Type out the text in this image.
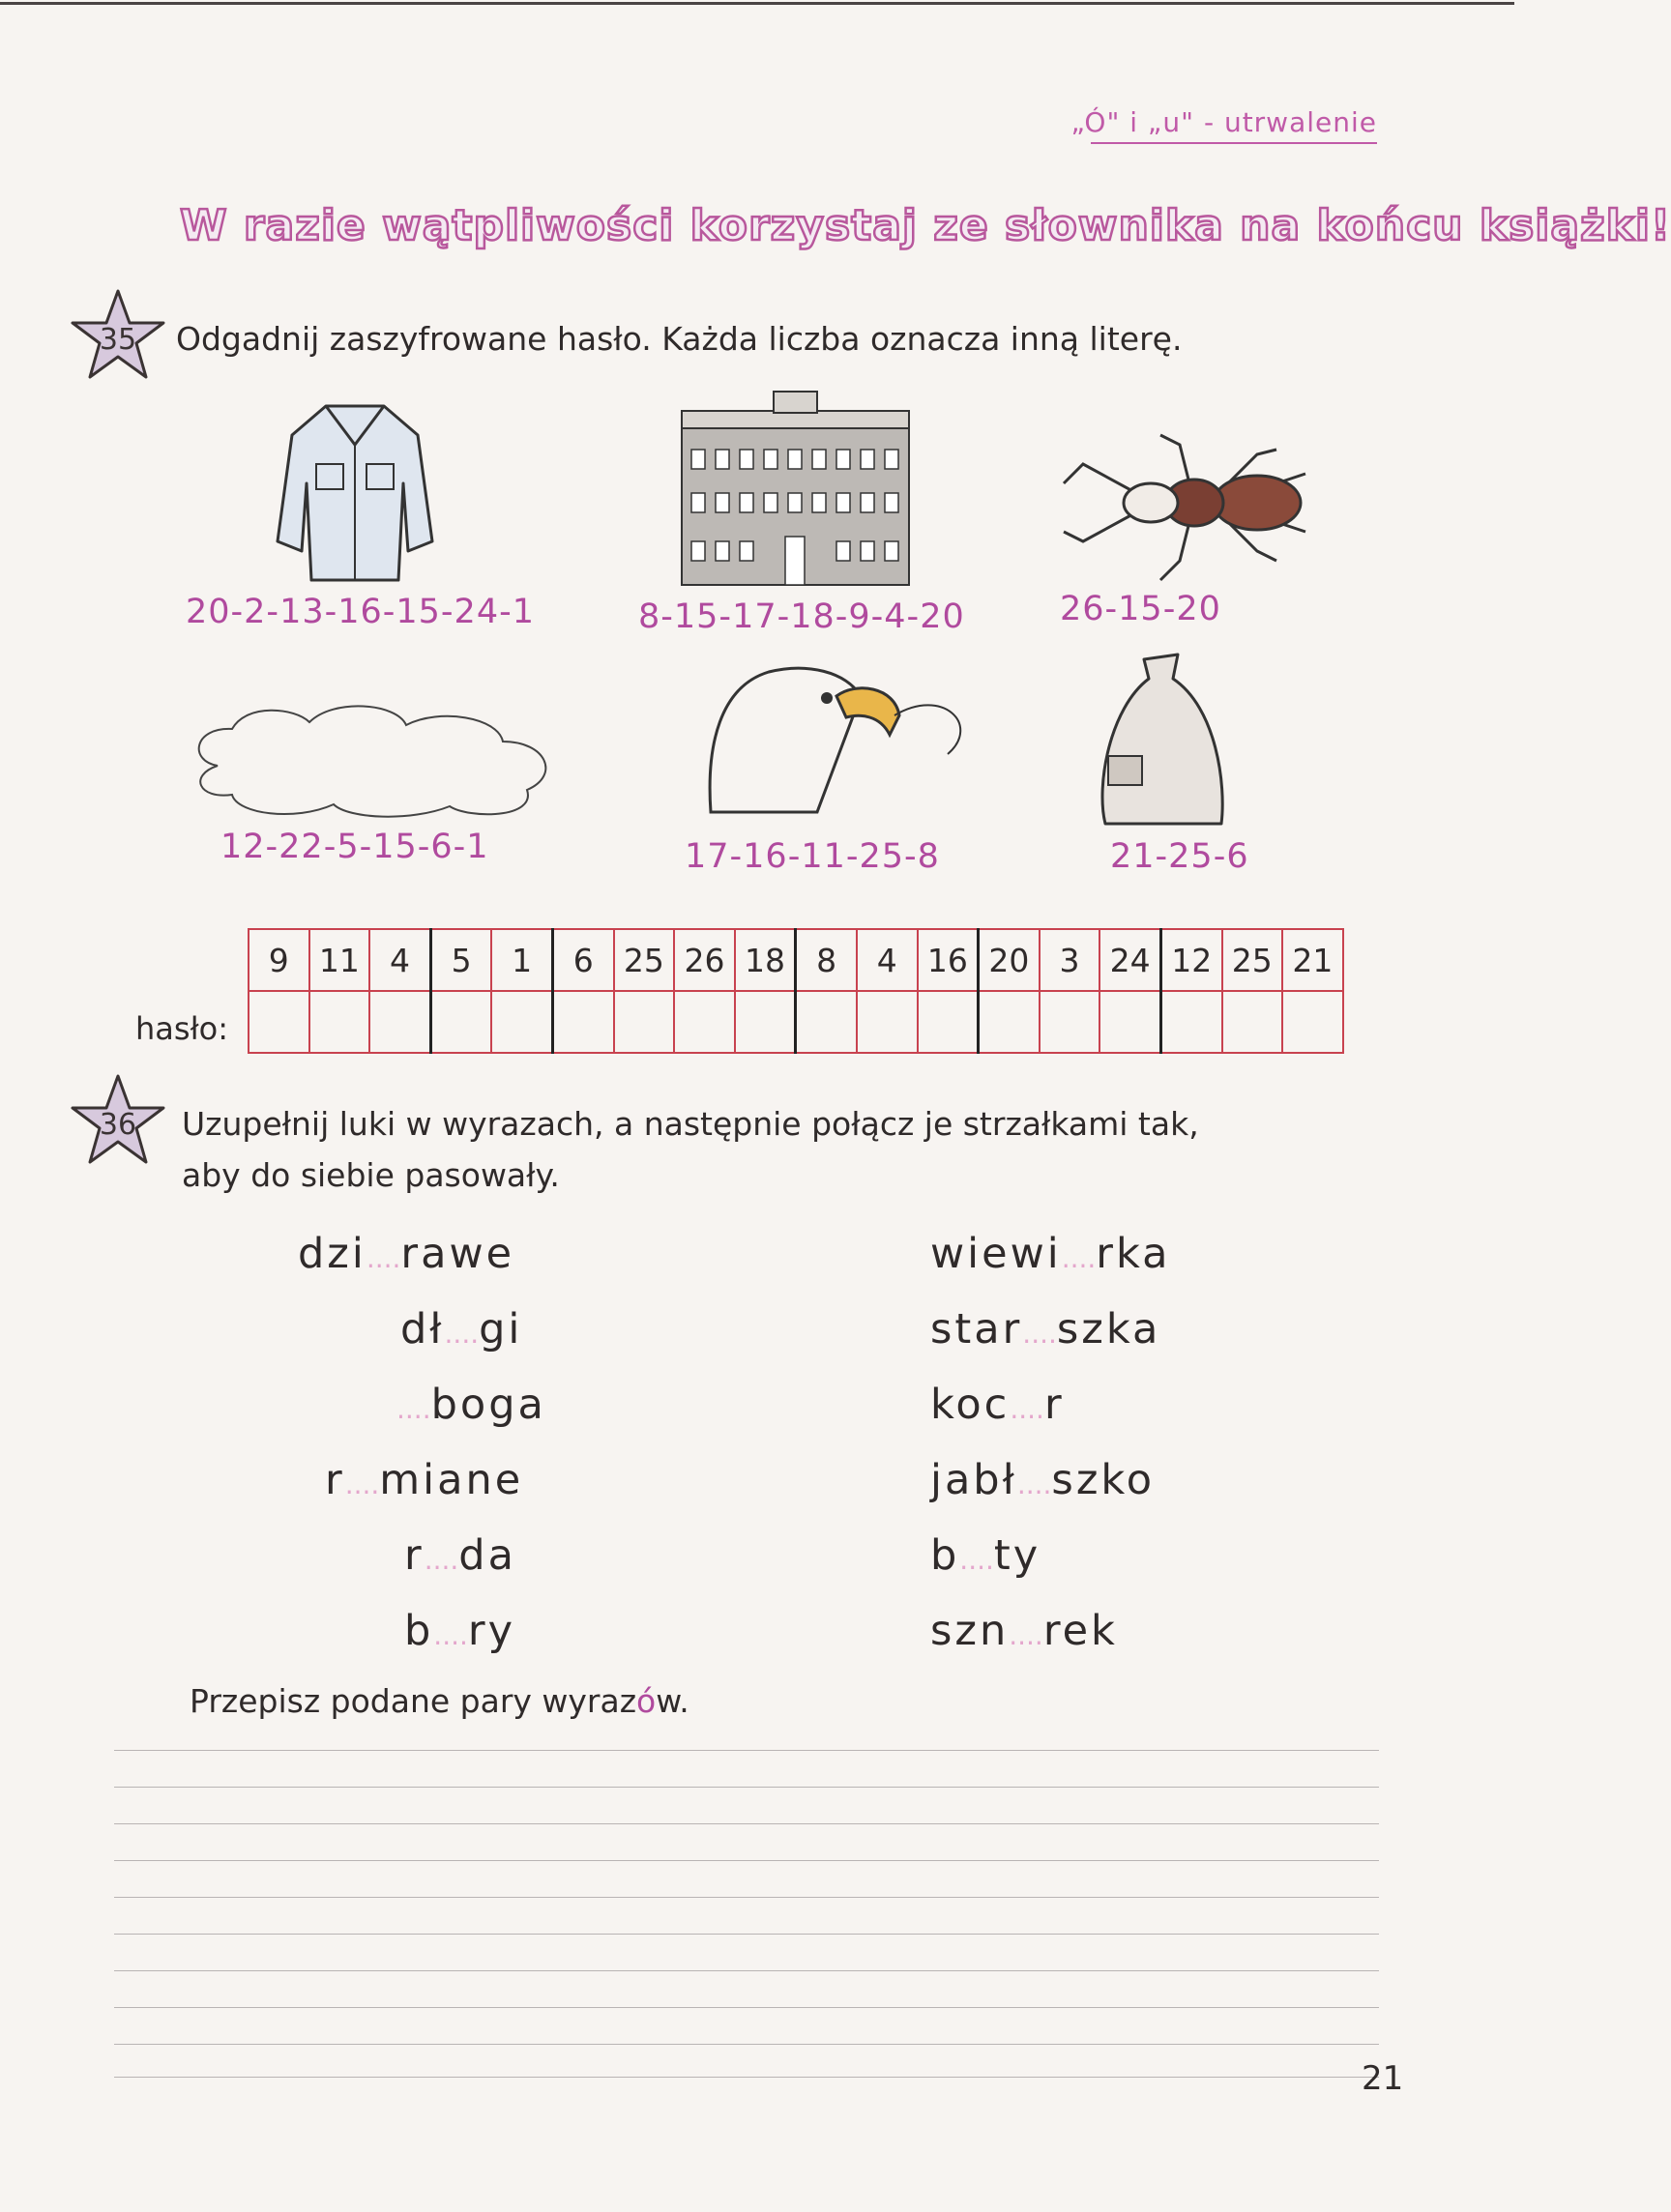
„Ó" i „u" - utrwalenie
W razie wątpliwości korzystaj ze słownika na końcu książki!
35	Odgadnij zaszyfrowane hasło. Każda liczba oznacza inną literę.
20-2-13-16-15-24-1	8-15-17-18-9-4-20	26-15-20
12-22-5-15-6-1	17-16-11-25-8	21-25-6
hasło:
9	11	4	5	1	6	25	26	18	8	4	16	20	3	24	12	25	21

36	Uzupełnij luki w wyrazach, a następnie połącz je strzałkami tak,
aby do siebie pasowały.
dzi....rawe
dł....gi
....boga
r....miane
r....da
b....ry
wiewi....rka
star....szka
koc....r
jabł....szko
b....ty
szn....rek
Przepisz podane pary wyrazów.
21
